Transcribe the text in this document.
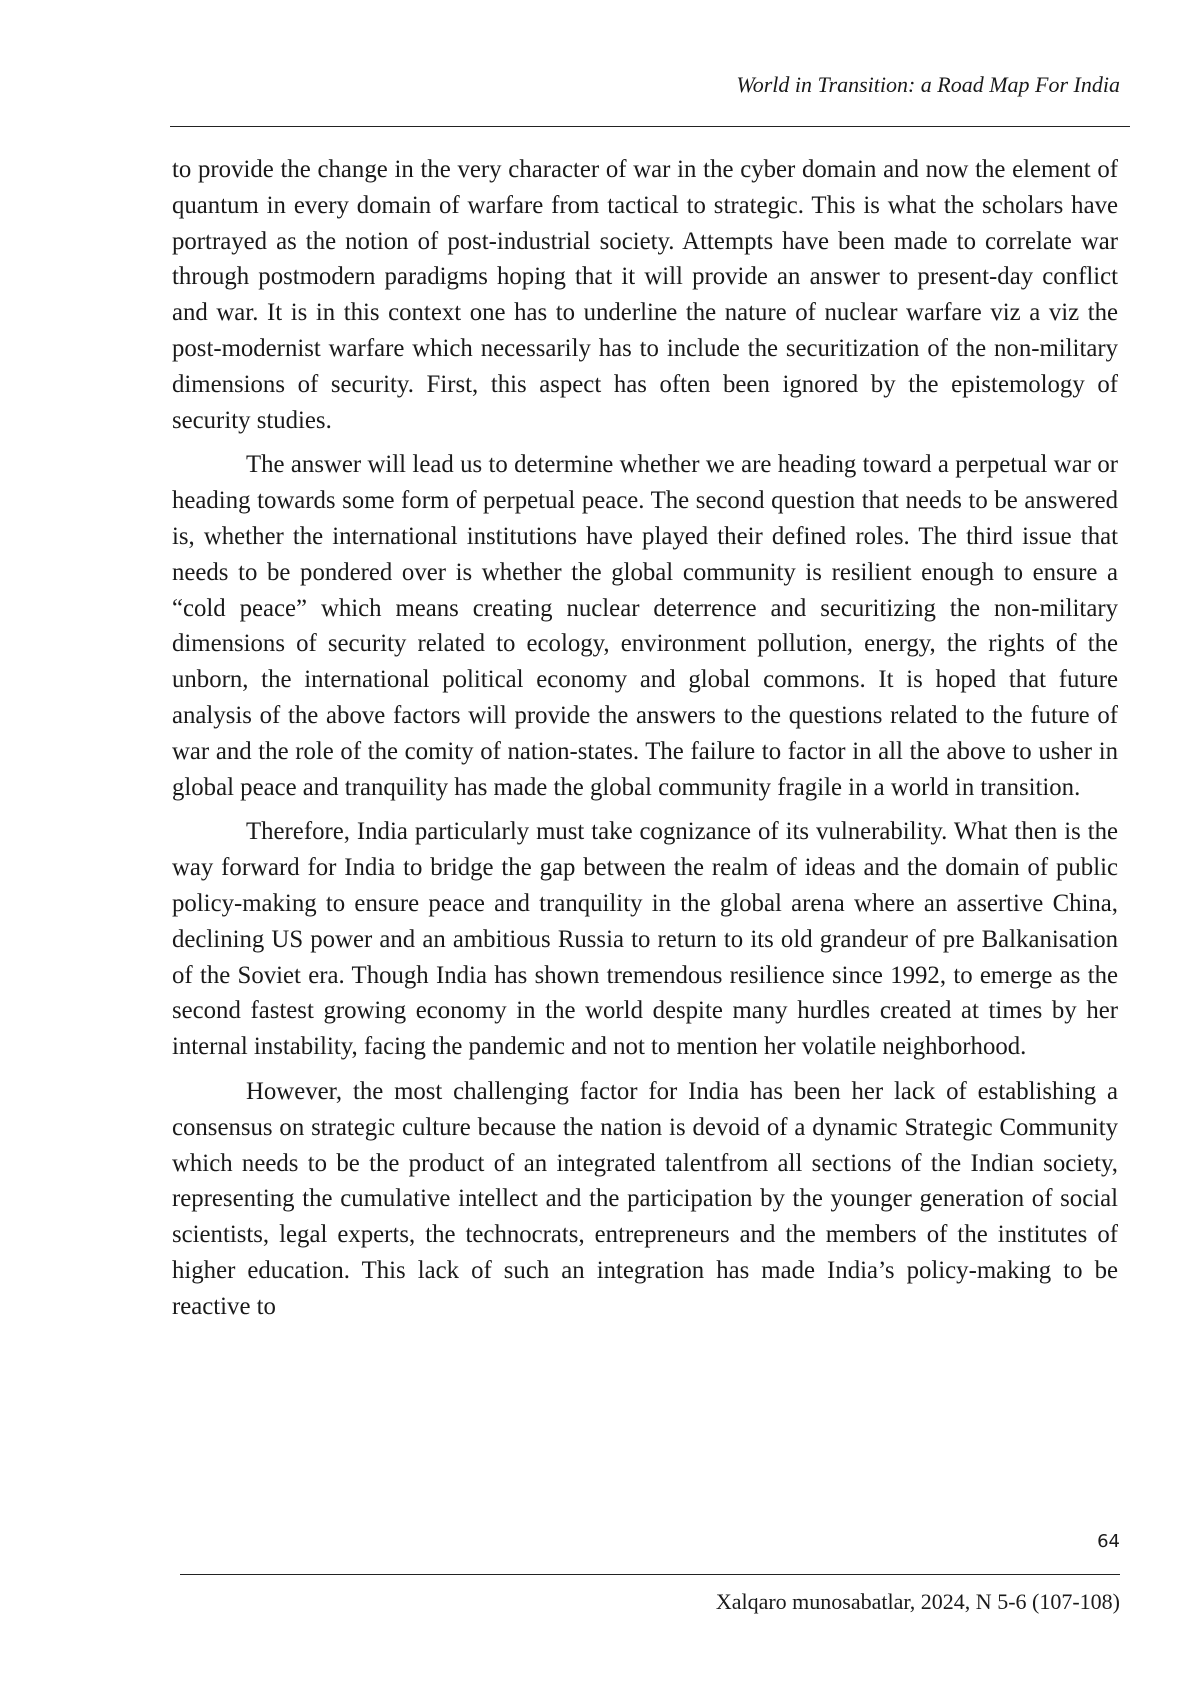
World in Transition: a Road Map For India

to provide the change in the very character of war in the cyber domain and now the element of quantum in every domain of warfare from tactical to strategic. This is what the scholars have portrayed as the notion of post-industrial society. Attempts have been made to correlate war through postmodern paradigms hoping that it will provide an answer to present-day conflict and war. It is in this context one has to underline the nature of nuclear warfare viz a viz the post-modernist warfare which necessarily has to include the securitization of the non-military dimensions of security. First, this aspect has often been ignored by the epistemology of security studies.

The answer will lead us to determine whether we are heading toward a perpetual war or heading towards some form of perpetual peace. The second question that needs to be answered is, whether the international institutions have played their defined roles. The third issue that needs to be pondered over is whether the global community is resilient enough to ensure a “cold peace” which means creating nuclear deterrence and securitizing the non-military dimensions of security related to ecology, environment pollution, energy, the rights of the unborn, the international political economy and global commons. It is hoped that future analysis of the above factors will provide the answers to the questions related to the future of war and the role of the comity of nation-states. The failure to factor in all the above to usher in global peace and tranquility has made the global community fragile in a world in transition.

Therefore, India particularly must take cognizance of its vulnerability. What then is the way forward for India to bridge the gap between the realm of ideas and the domain of public policy-making to ensure peace and tranquility in the global arena where an assertive China, declining US power and an ambitious Russia to return to its old grandeur of pre Balkanisation of the Soviet era. Though India has shown tremendous resilience since 1992, to emerge as the second fastest growing economy in the world despite many hurdles created at times by her internal instability, facing the pandemic and not to mention her volatile neighborhood.

However, the most challenging factor for India has been her lack of establishing a consensus on strategic culture because the nation is devoid of a dynamic Strategic Community which needs to be the product of an integrated talentfrom all sections of the Indian society, representing the cumulative intellect and the participation by the younger generation of social scientists, legal experts, the technocrats, entrepreneurs and the members of the institutes of higher education. This lack of such an integration has made India’s policy-making to be reactive to

64
Xalqaro munosabatlar, 2024, N 5-6 (107-108)
